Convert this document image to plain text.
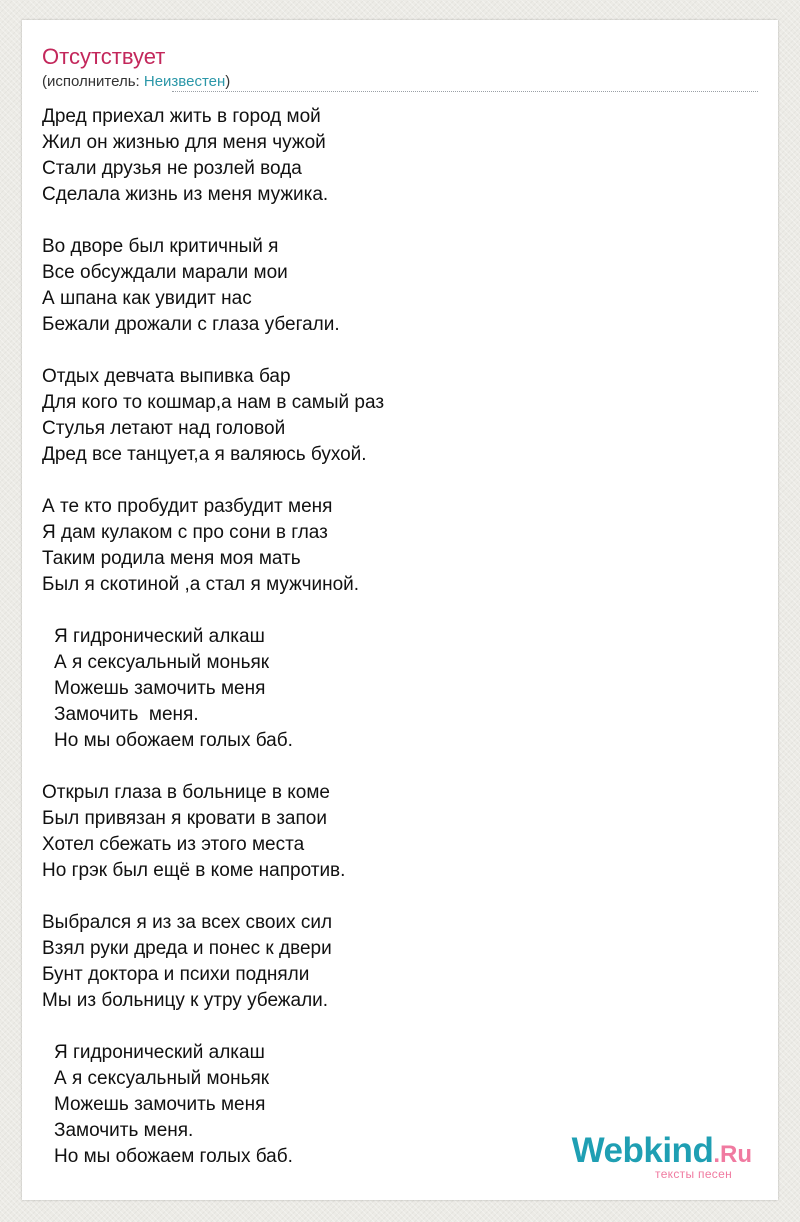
Отсутствует
(исполнитель: Неизвестен)
Дред приехал жить в город мой
Жил он жизнью для меня чужой
Стали друзья не розлей вода
Сделала жизнь из меня мужика.
Во дворе был критичный я
Все обсуждали марали мои
А шпана как увидит нас
Бежали дрожали с глаза убегали.
Отдых девчата выпивка бар
Для кого то кошмар,а нам в самый раз
Стулья летают над головой
Дред все танцует,а я валяюсь бухой.
А те кто пробудит разбудит меня
Я дам кулаком с про сони в глаз
Таким родила меня моя мать
Был я скотиной ,а стал я мужчиной.
Я гидронический алкаш
А я сексуальный моньяк
Можешь замочить меня
Замочить  меня.
Но мы обожаем голых баб.
Открыл глаза в больнице в коме
Был привязан я кровати в запои
Хотел сбежать из этого места
Но грэк был ещё в коме напротив.
Выбрался я из за всех своих сил
Взял руки дреда и понес к двери
Бунт доктора и психи подняли
Мы из больницу к утру убежали.
Я гидронический алкаш
А я сексуальный моньяк
Можешь замочить меня
Замочить меня.
Но мы обожаем голых баб.	Webkind.Ru
тексты песен
